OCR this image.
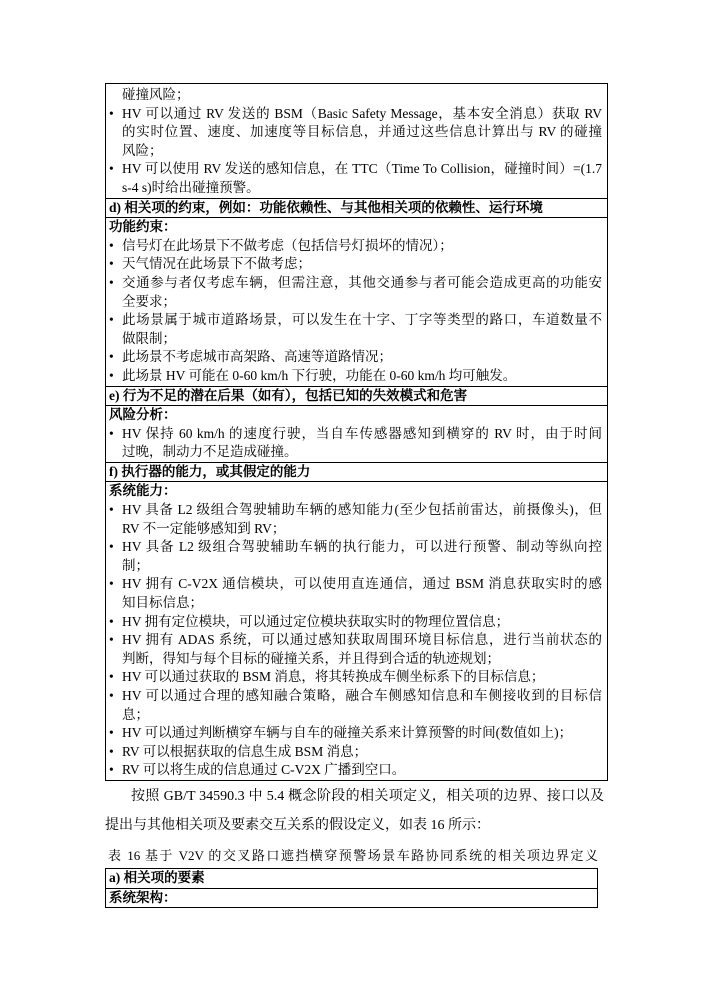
碰撞风险；
•
HV 可以通过 RV 发送的 BSM（Basic Safety Message，基本安全消息）获取 RV
的实时位置、速度、加速度等目标信息，并通过这些信息计算出与 RV 的碰撞
风险；
•
HV 可以使用 RV 发送的感知信息，在 TTC（Time To Collision，碰撞时间）=(1.7
s-4 s)时给出碰撞预警。
d) 相关项的约束，例如：功能依赖性、与其他相关项的依赖性、运行环境
功能约束：
•
信号灯在此场景下不做考虑（包括信号灯损坏的情况）；
•
天气情况在此场景下不做考虑；
•
交通参与者仅考虑车辆，但需注意，其他交通参与者可能会造成更高的功能安
全要求；
•
此场景属于城市道路场景，可以发生在十字、丁字等类型的路口，车道数量不
做限制；
•
此场景不考虑城市高架路、高速等道路情况；
•
此场景 HV 可能在 0-60 km/h 下行驶，功能在 0-60 km/h 均可触发。
e) 行为不足的潜在后果（如有），包括已知的失效模式和危害
风险分析：
•
HV 保持 60 km/h 的速度行驶，当自车传感器感知到横穿的 RV 时，由于时间
过晚，制动力不足造成碰撞。
f) 执行器的能力，或其假定的能力
系统能力：
•
HV 具备 L2 级组合驾驶辅助车辆的感知能力(至少包括前雷达，前摄像头)，但
RV 不一定能够感知到 RV；
•
HV 具备 L2 级组合驾驶辅助车辆的执行能力，可以进行预警、制动等纵向控
制；
•
HV 拥有 C-V2X 通信模块，可以使用直连通信，通过 BSM 消息获取实时的感
知目标信息；
•
HV 拥有定位模块，可以通过定位模块获取实时的物理位置信息；
•
HV 拥有 ADAS 系统，可以通过感知获取周围环境目标信息，进行当前状态的
判断，得知与每个目标的碰撞关系，并且得到合适的轨迹规划；
•
HV 可以通过获取的 BSM 消息，将其转换成车侧坐标系下的目标信息；
•
HV 可以通过合理的感知融合策略，融合车侧感知信息和车侧接收到的目标信
息；
•
HV 可以通过判断横穿车辆与自车的碰撞关系来计算预警的时间(数值如上)；
•
RV 可以根据获取的信息生成 BSM 消息；
•
RV 可以将生成的信息通过 C-V2X 广播到空口。
按照 GB/T 34590.3 中 5.4 概念阶段的相关项定义，相关项的边界、接口以及
提出与其他相关项及要素交互关系的假设定义，如表 16 所示：
表 16 基于 V2V 的交叉路口遮挡横穿预警场景车路协同系统的相关项边界定义
a) 相关项的要素
系统架构：
